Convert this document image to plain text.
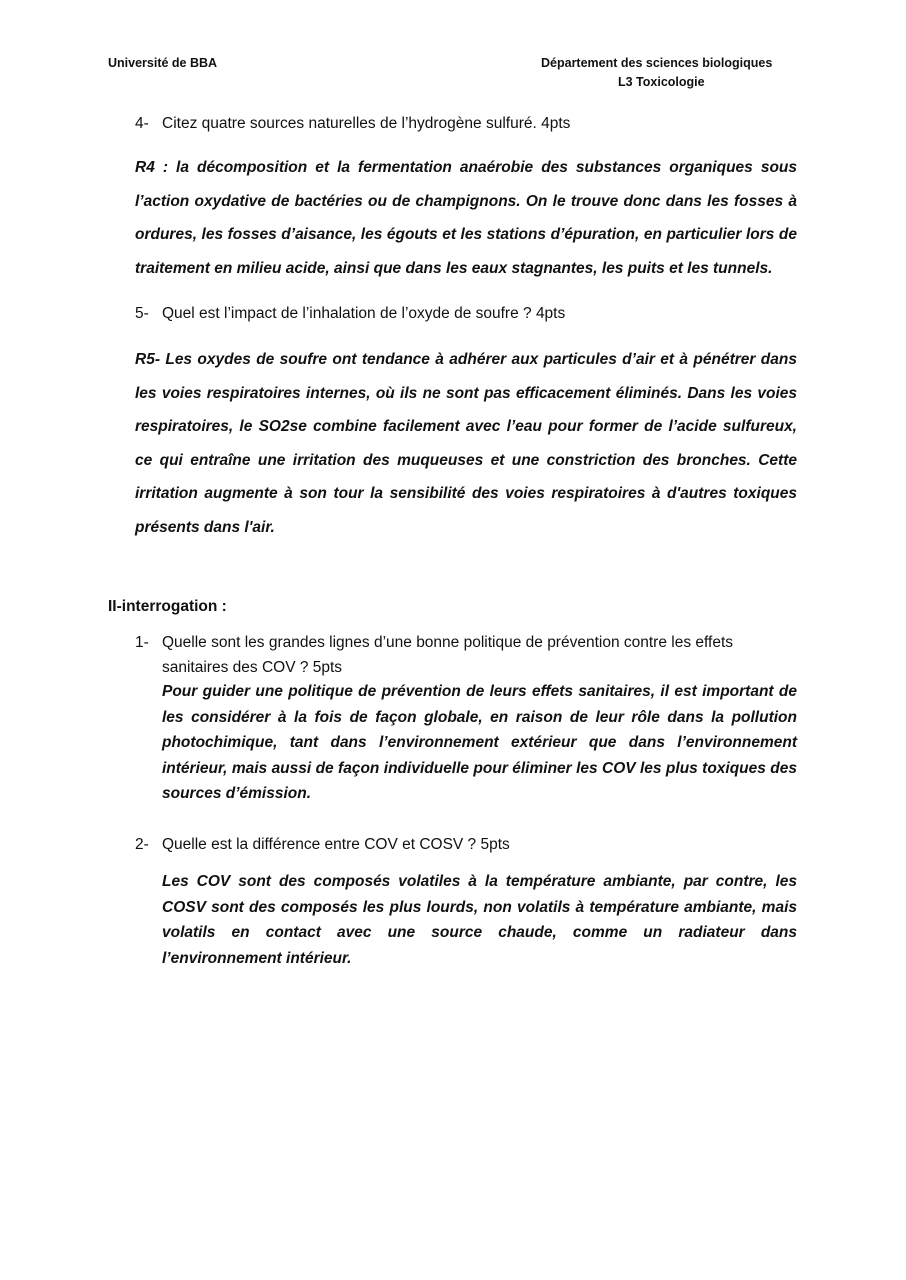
Université de BBA	Département des sciences biologiques
L3 Toxicologie
4- Citez quatre sources naturelles de l’hydrogène sulfuré. 4pts

R4 : la décomposition et la fermentation anaérobie des substances organiques sous l’action oxydative de bactéries ou de champignons. On le trouve donc dans les fosses à ordures, les fosses d’aisance, les égouts et les stations d’épuration, en particulier lors de traitement en milieu acide, ainsi que dans les eaux stagnantes, les puits et les tunnels.

5- Quel est l’impact de l’inhalation de l’oxyde de soufre ? 4pts

R5- Les oxydes de soufre ont tendance à adhérer aux particules d’air et à pénétrer dans les voies respiratoires internes, où ils ne sont pas efficacement éliminés. Dans les voies respiratoires, le SO2se combine facilement avec l’eau pour former de l’acide sulfureux, ce qui entraîne une irritation des muqueuses et une constriction des bronches. Cette irritation augmente à son tour la sensibilité des voies respiratoires à d'autres toxiques présents dans l'air.

II-interrogation :
1- Quelle sont les grandes lignes d’une bonne politique de prévention contre les effets sanitaires des COV ? 5pts

Pour guider une politique de prévention de leurs effets sanitaires, il est important de les considérer à la fois de façon globale, en raison de leur rôle dans la pollution photochimique, tant dans l’environnement extérieur que dans l’environnement intérieur, mais aussi de façon individuelle pour éliminer les COV les plus toxiques des sources d’émission.

2- Quelle est la différence entre COV et COSV ? 5pts

Les COV sont des composés volatiles à la température ambiante, par contre, les COSV sont des composés les plus lourds, non volatils à température ambiante, mais volatils en contact avec une source chaude, comme un radiateur dans l’environnement intérieur.
